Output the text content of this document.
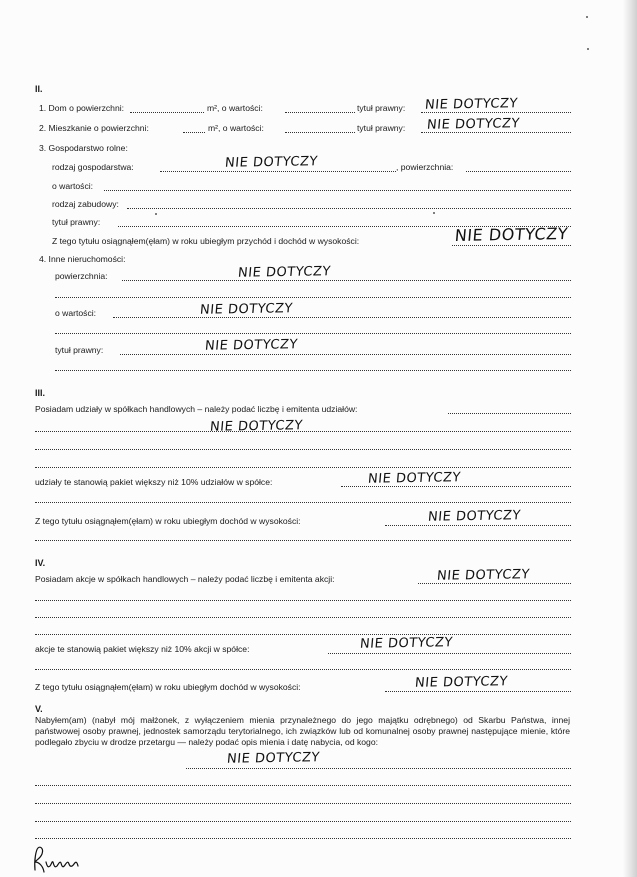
II.
1. Dom o powierzchni:	m², o wartości:	tytuł prawny: NIE DOTYCZY
2. Mieszkanie o powierzchni:	m², o wartości:	tytuł prawny: NIE DOTYCZY
3. Gospodarstwo rolne:
rodzaj gospodarstwa:	NIE DOTYCZY	, powierzchnia:
o wartości:
rodzaj zabudowy:
tytuł prawny:
Z tego tytułu osiągnąłem(ęłam) w roku ubiegłym przychód i dochód w wysokości:	NIE DOTYCZY
4. Inne nieruchomości:
powierzchnia:	NIE DOTYCZY
o wartości:	NIE DOTYCZY
tytuł prawny:	NIE DOTYCZY
III.
Posiadam udziały w spółkach handlowych – należy podać liczbę i emitenta udziałów:
NIE DOTYCZY
udziały te stanowią pakiet większy niż 10% udziałów w spółce:	NIE DOTYCZY
Z tego tytułu osiągnąłem(ęłam) w roku ubiegłym dochód w wysokości:	NIE DOTYCZY
IV.
Posiadam akcje w spółkach handlowych – należy podać liczbę i emitenta akcji:	NIE DOTYCZY
akcje te stanowią pakiet większy niż 10% akcji w spółce:	NIE DOTYCZY
Z tego tytułu osiągnąłem(ęłam) w roku ubiegłym dochód w wysokości:	NIE DOTYCZY
V.
Nabyłem(am) (nabył mój małżonek, z wyłączeniem mienia przynależnego do jego majątku odrębnego) od Skarbu Państwa, innej państwowej osoby prawnej, jednostek samorządu terytorialnego, ich związków lub od komunalnej osoby prawnej następujące mienie, które podlegało zbyciu w drodze przetargu — należy podać opis mienia i datę nabycia, od kogo:
NIE DOTYCZY
